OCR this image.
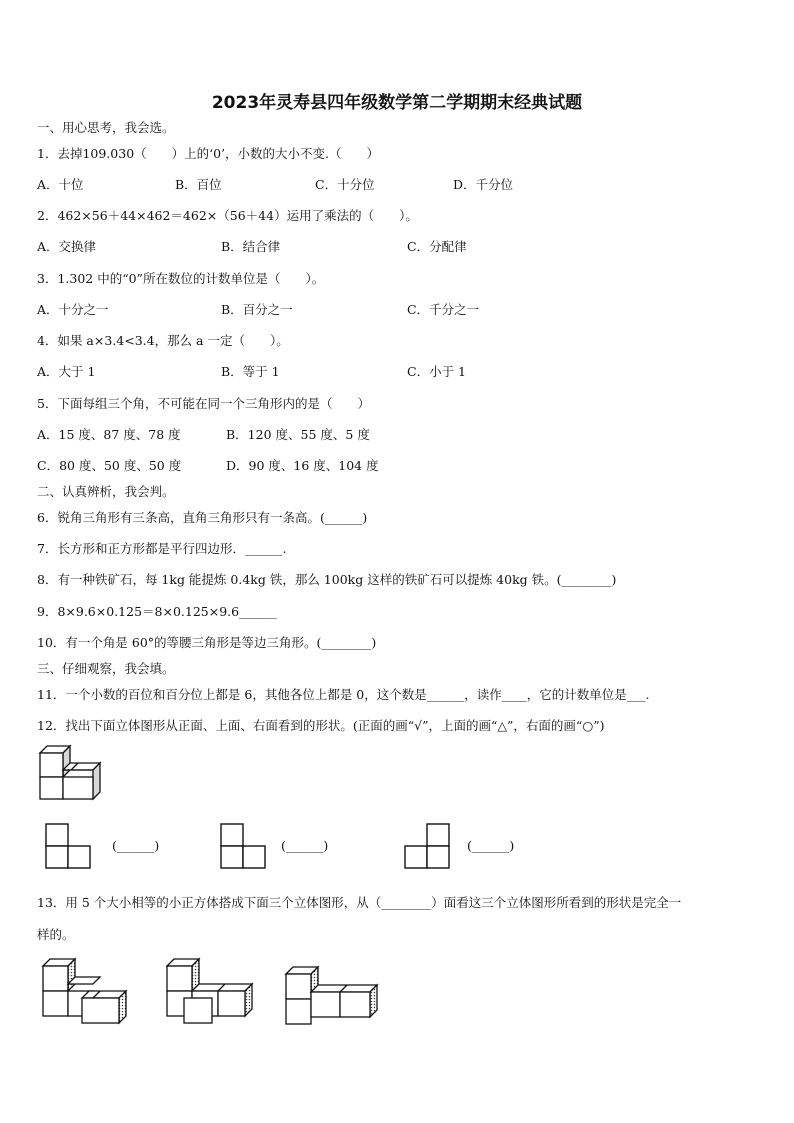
2023年灵寿县四年级数学第二学期期末经典试题
一、用心思考，我会选。
1．去掉109.030（　　）上的‘0’，小数的大小不变.（　　）
A．十位	B．百位	C．十分位	D．千分位
2．462×56＋44×462＝462×（56＋44）运用了乘法的（　　）。
A．交换律	B．结合律	C．分配律
3．1.302 中的“0”所在数位的计数单位是（　　）。
A．十分之一	B．百分之一	C．千分之一
4．如果 a×3.4<3.4，那么 a 一定（　　）。
A．大于 1	B．等于 1	C．小于 1
5．下面每组三个角，不可能在同一个三角形内的是（　　）
A．15 度、87 度、78 度	B．120 度、55 度、5 度
C．80 度、50 度、50 度	D．90 度、16 度、104 度
二、认真辨析，我会判。
6．锐角三角形有三条高，直角三角形只有一条高。(______)
7．长方形和正方形都是平行四边形．______.
8．有一种铁矿石，每 1kg 能提炼 0.4kg 铁，那么 100kg 这样的铁矿石可以提炼 40kg 铁。(________)
9．8×9.6×0.125＝8×0.125×9.6______
10．有一个角是 60°的等腰三角形是等边三角形。(________)
三、仔细观察，我会填。
11．一个小数的百位和百分位上都是 6，其他各位上都是 0，这个数是______，读作____，它的计数单位是___.
12．找出下面立体图形从正面、上面、右面看到的形状。(正面的画“√”，上面的画“△”，右面的画“○”)
(______)	(______)	(______)
13．用 5 个大小相等的小正方体搭成下面三个立体图形，从（________）面看这三个立体图形所看到的形状是完全一
样的。
